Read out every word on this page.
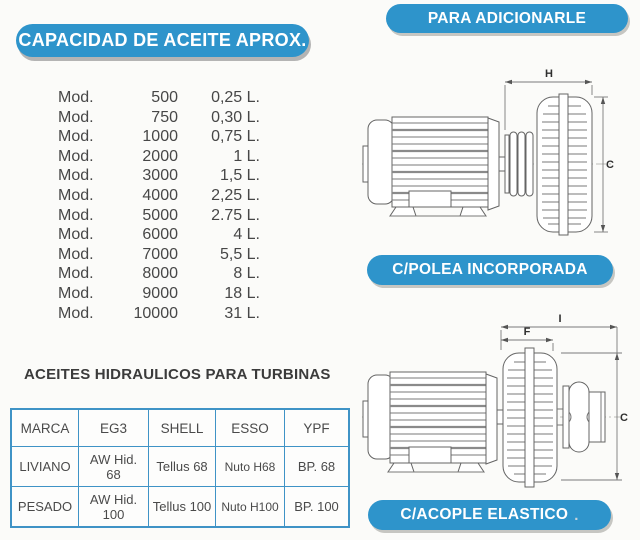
CAPACIDAD DE ACEITE APROX.
Mod.	500	0,25 L.
Mod.	750	0,30 L.
Mod.	1000	0,75 L.
Mod.	2000	1 L.
Mod.	3000	1,5 L.
Mod.	4000	2,25 L.
Mod.	5000	2.75 L.
Mod.	6000	4 L.
Mod.	7000	5,5 L.
Mod.	8000	8 L.
Mod.	9000	18 L.
Mod.	10000	31 L.
ACEITES HIDRAULICOS PARA TURBINAS
MARCA	EG3	SHELL	ESSO	YPF
LIVIANO	AW Hid. 68	Tellus 68	Nuto H68	BP. 68
PESADO	AW Hid. 100	Tellus 100	Nuto H100	BP. 100
PARA ADICIONARLE
H
C
C/POLEA INCORPORADA
I
F
C
C/ACOPLE ELASTICO .
